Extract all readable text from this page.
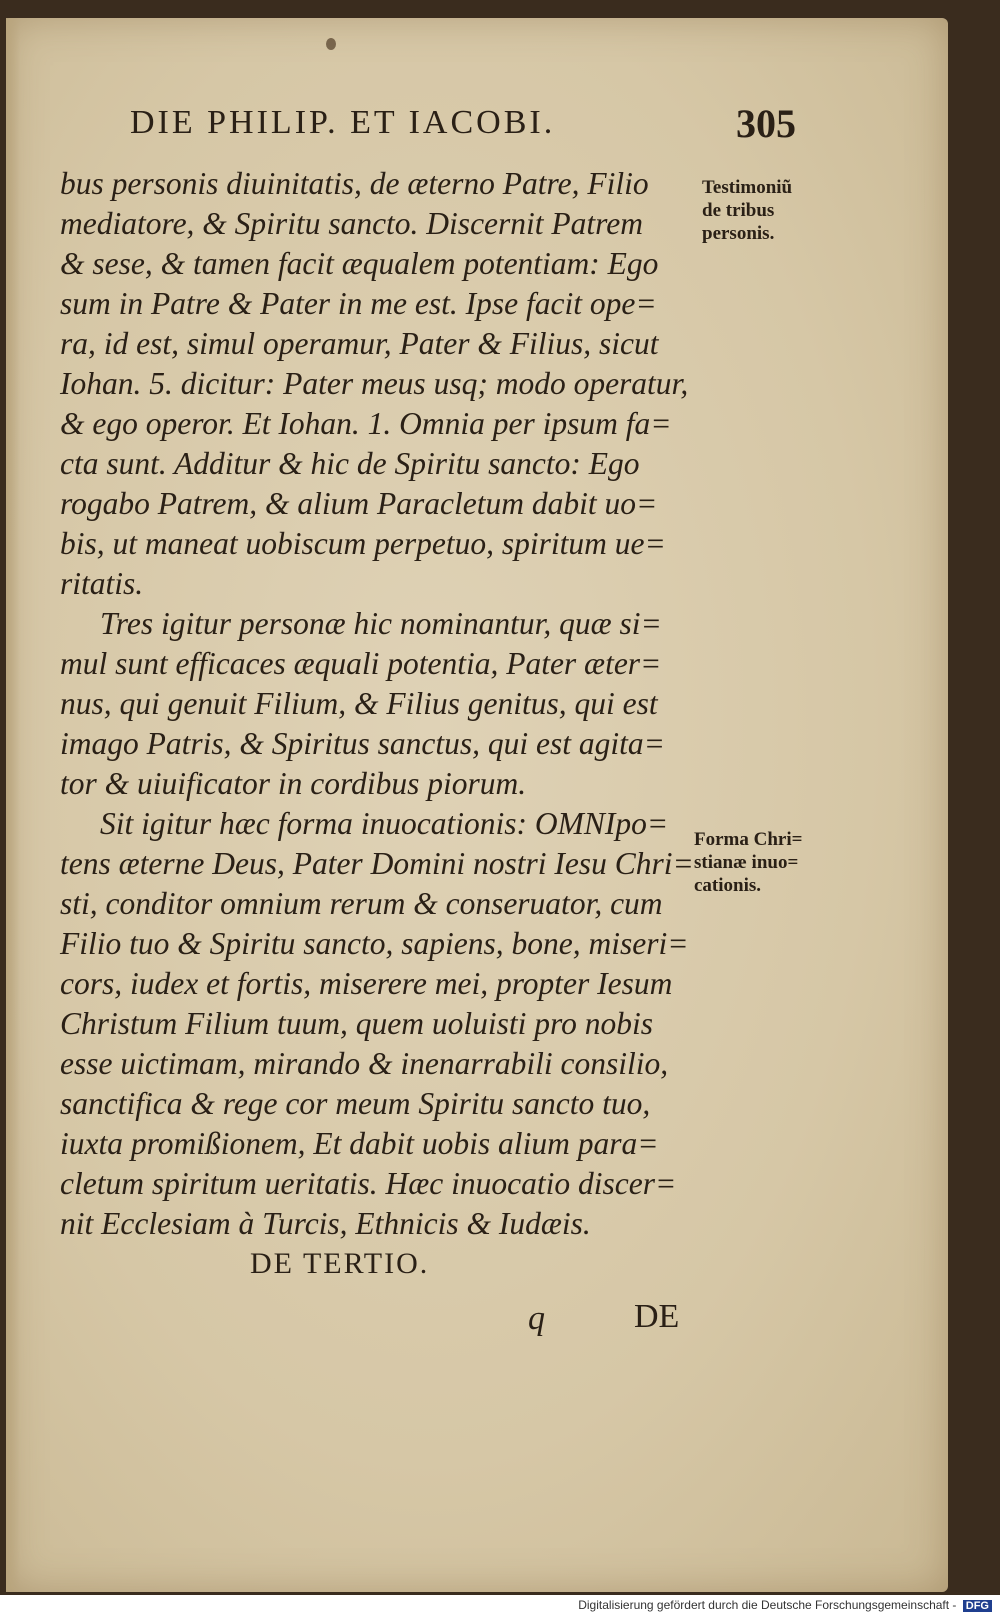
DIE PHILIP. ET IACOBI.	305
bus personis diuinitatis, de æterno Patre, Filio
mediatore, & Spiritu sancto. Discernit Patrem
& sese, & tamen facit æqualem potentiam: Ego
sum in Patre & Pater in me est. Ipse facit ope=
ra, id est, simul operamur, Pater & Filius, sicut
Iohan. 5. dicitur: Pater meus usq; modo operatur,
& ego operor. Et Iohan. 1. Omnia per ipsum fa=
cta sunt. Additur & hic de Spiritu sancto: Ego
rogabo Patrem, & alium Paracletum dabit uo=
bis, ut maneat uobiscum perpetuo, spiritum ue=
ritatis.
Tres igitur personæ hic nominantur, quæ si=
mul sunt efficaces æquali potentia, Pater æter=
nus, qui genuit Filium, & Filius genitus, qui est
imago Patris, & Spiritus sanctus, qui est agita=
tor & uiuificator in cordibus piorum.
Sit igitur hæc forma inuocationis: OMNIpo=
tens æterne Deus, Pater Domini nostri Iesu Chri=
sti, conditor omnium rerum & conseruator, cum
Filio tuo & Spiritu sancto, sapiens, bone, miseri=
cors, iudex et fortis, miserere mei, propter Iesum
Christum Filium tuum, quem uoluisti pro nobis
esse uictimam, mirando & inenarrabili consilio,
sanctifica & rege cor meum Spiritu sancto tuo,
iuxta promißionem, Et dabit uobis alium para=
cletum spiritum ueritatis. Hæc inuocatio discer=
nit Ecclesiam à Turcis, Ethnicis & Iudæis.
DE TERTIO.
Testimoniũ
de tribus
personis.
Forma Chri=
stianæ inuo=
cationis.
q	DE
Digitalisierung gefördert durch die Deutsche Forschungsgemeinschaft - DFG
